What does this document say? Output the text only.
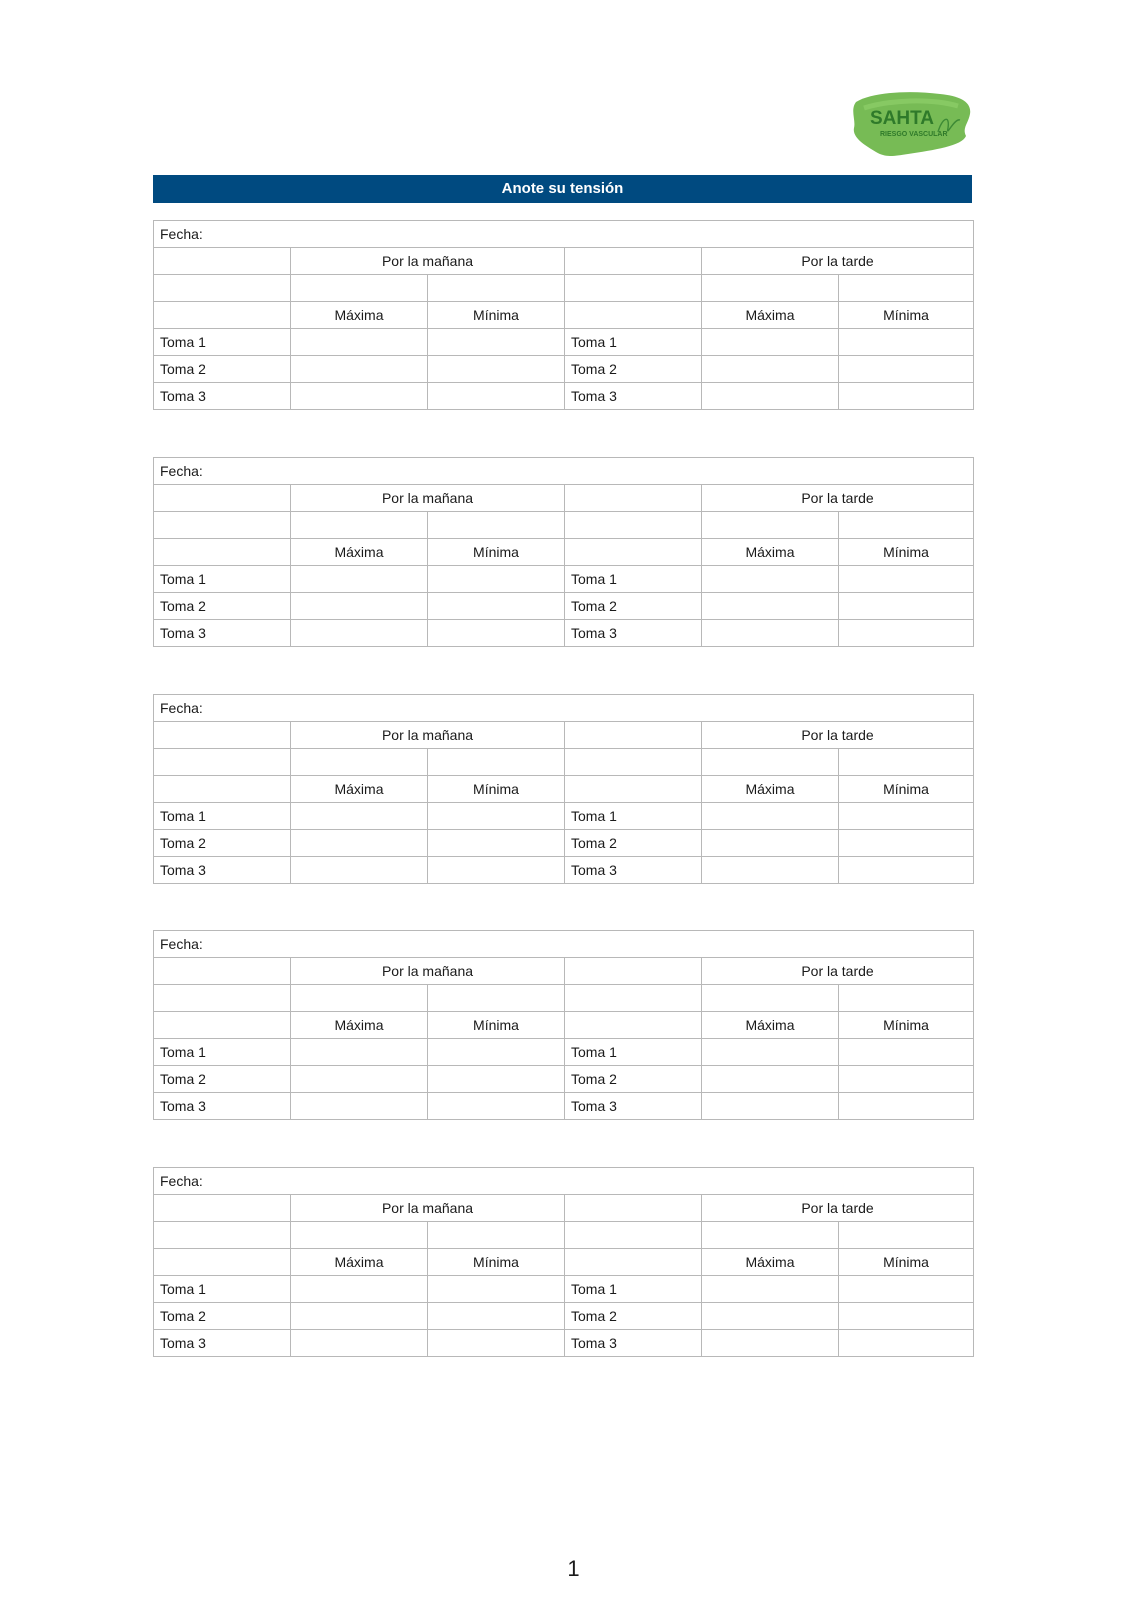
SAHTA
RIESGO VASCULAR
Anote su tensión
Fecha:					
	Por la mañana			Por la tarde	

	Máxima	Mínima		Máxima	Mínima
Toma 1			Toma 1		
Toma 2			Toma 2		
Toma 3			Toma 3		
Fecha:					
	Por la mañana			Por la tarde	

	Máxima	Mínima		Máxima	Mínima
Toma 1			Toma 1		
Toma 2			Toma 2		
Toma 3			Toma 3		
Fecha:					
	Por la mañana			Por la tarde	

	Máxima	Mínima		Máxima	Mínima
Toma 1			Toma 1		
Toma 2			Toma 2		
Toma 3			Toma 3		
Fecha:					
	Por la mañana			Por la tarde	

	Máxima	Mínima		Máxima	Mínima
Toma 1			Toma 1		
Toma 2			Toma 2		
Toma 3			Toma 3		
Fecha:					
	Por la mañana			Por la tarde	

	Máxima	Mínima		Máxima	Mínima
Toma 1			Toma 1		
Toma 2			Toma 2		
Toma 3			Toma 3		
1
